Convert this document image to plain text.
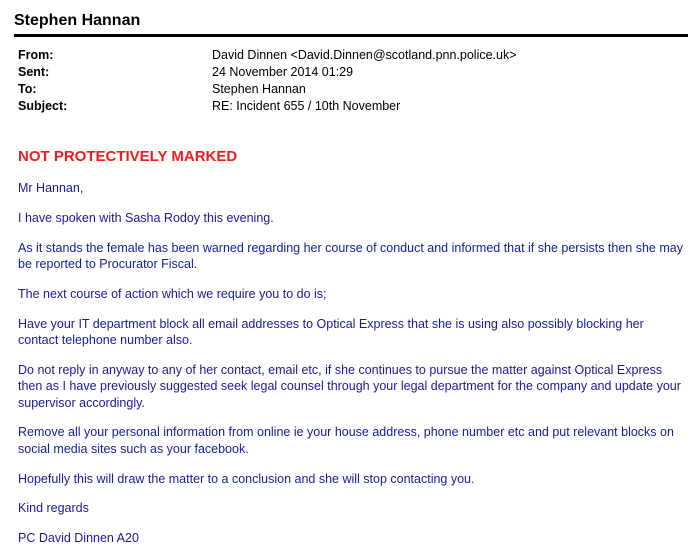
Stephen Hannan
From:	David Dinnen <David.Dinnen@scotland.pnn.police.uk>
Sent:	24 November 2014 01:29
To:	Stephen Hannan
Subject:	RE: Incident 655 / 10th November
NOT PROTECTIVELY MARKED

Mr Hannan,

I have spoken with Sasha Rodoy this evening.

As it stands the female has been warned regarding her course of conduct and informed that if she persists then she may be reported to Procurator Fiscal.

The next course of action which we require you to do is;

Have your IT department block all email addresses to Optical Express that she is using also possibly blocking her contact telephone number also.

Do not reply in anyway to any of her contact, email etc, if she continues to pursue the matter against Optical Express then as I have previously suggested seek legal counsel through your legal department for the company and update your supervisor accordingly.

Remove all your personal information from online ie your house address, phone number etc and put relevant blocks on social media sites such as your facebook.

Hopefully this will draw the matter to a conclusion and she will stop contacting you.

Kind regards

PC David Dinnen A20
